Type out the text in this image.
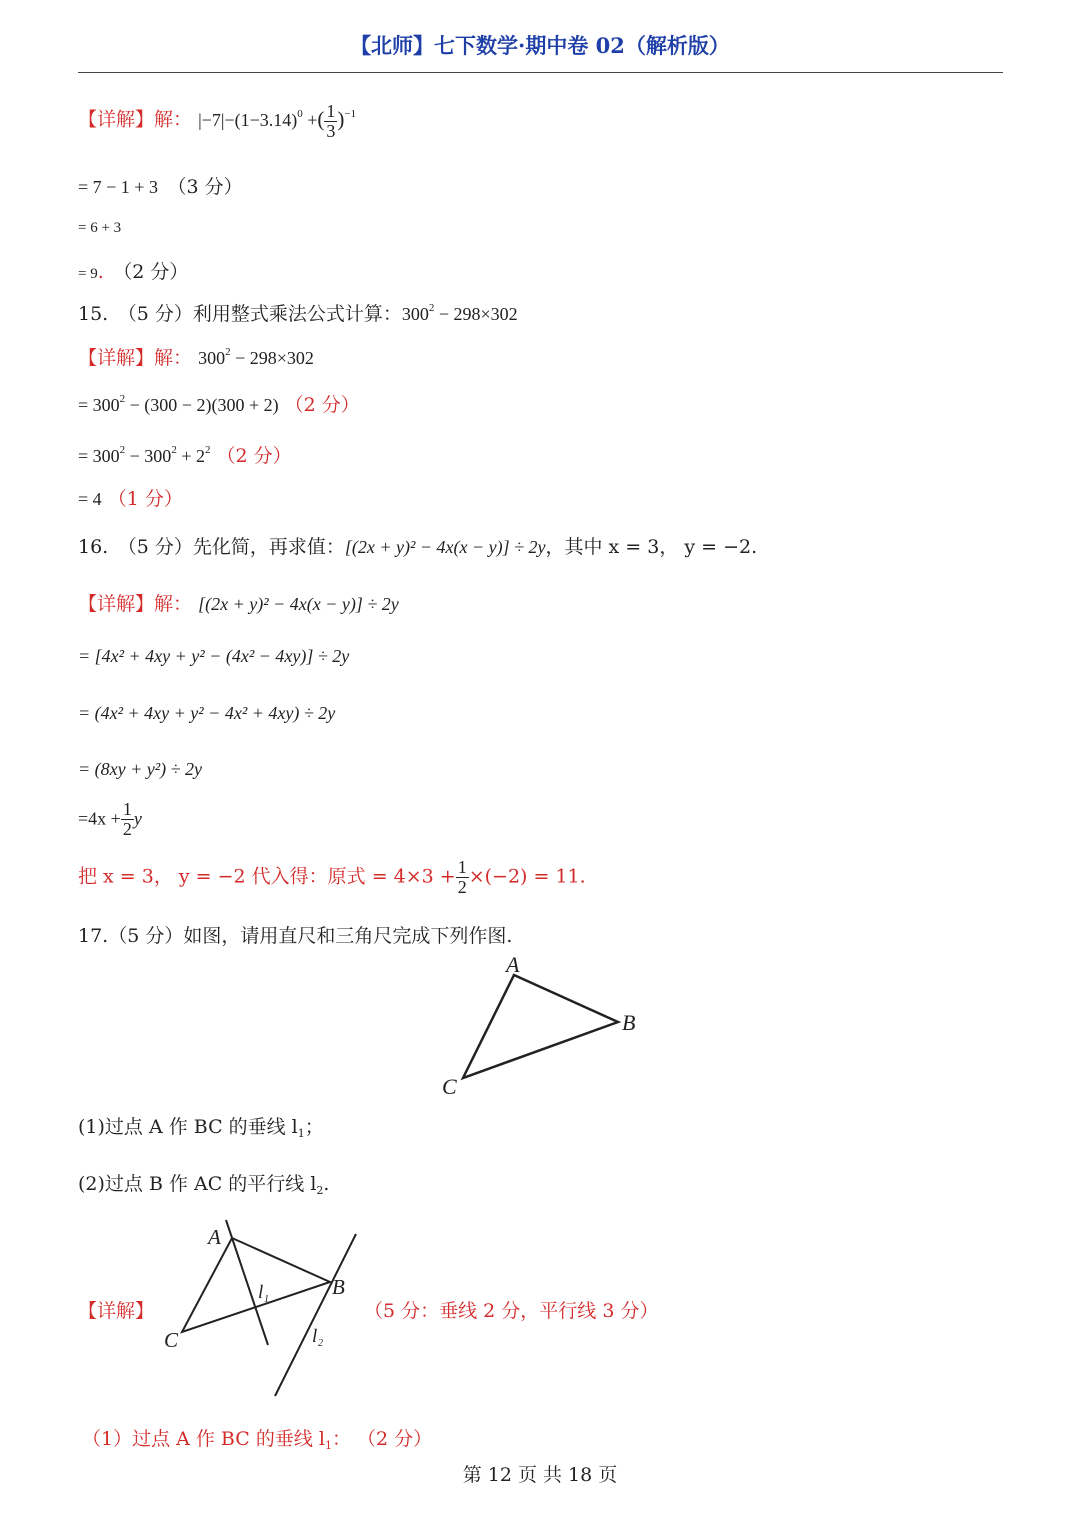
【北师】七下数学·期中卷 02（解析版）
【详解】解： $|-7|-(1-3.14)^0$ +( $\frac{1}{3} )^{-1}$
= 7 − 1 + 3　 （3 分）
= 6 + 3
= 9.　 （2 分）
15.　（5 分）利用整式乘法公式计算：$300^2 - 298\times 302$
【详解】解： $300^2 - 298\times 302$
= $300^2 - (300 - 2)(300 + 2)$ （2 分）
= $300^2 - 300^2 + 2^2$ （2 分）
= 4 （1 分）
16.　（5 分）先化简，再求值：[(2x + y)² − 4x(x − y)] ÷ 2y，其中 x = 3， y = −2.
【详解】解： [(2x + y)² − 4x(x − y)] ÷ 2y
= [4x² + 4xy + y² − (4x² − 4xy)] ÷ 2y
= (4x² + 4xy + y² − 4x² + 4xy) ÷ 2y
= (8xy + y²) ÷ 2y
$=4x + \frac{1}{2}$ y
把 x = 3， y = −2 代入得：原式 = $4\times 3 + \frac{1}{2} \times(-2) = 11$.
17.（5 分）如图，请用直尺和三角尺完成下列作图.
A
B
C
(1)过点 A 作 BC 的垂线 $l_1$；
(2)过点 B 作 AC 的平行线 $l_2$.
【详解】
A
B
C
l 1
l 2
（5 分：垂线 2 分，平行线 3 分）
（1）过点 A 作 BC 的垂线 $l_1$： （2 分）
第 12 页 共 18 页
